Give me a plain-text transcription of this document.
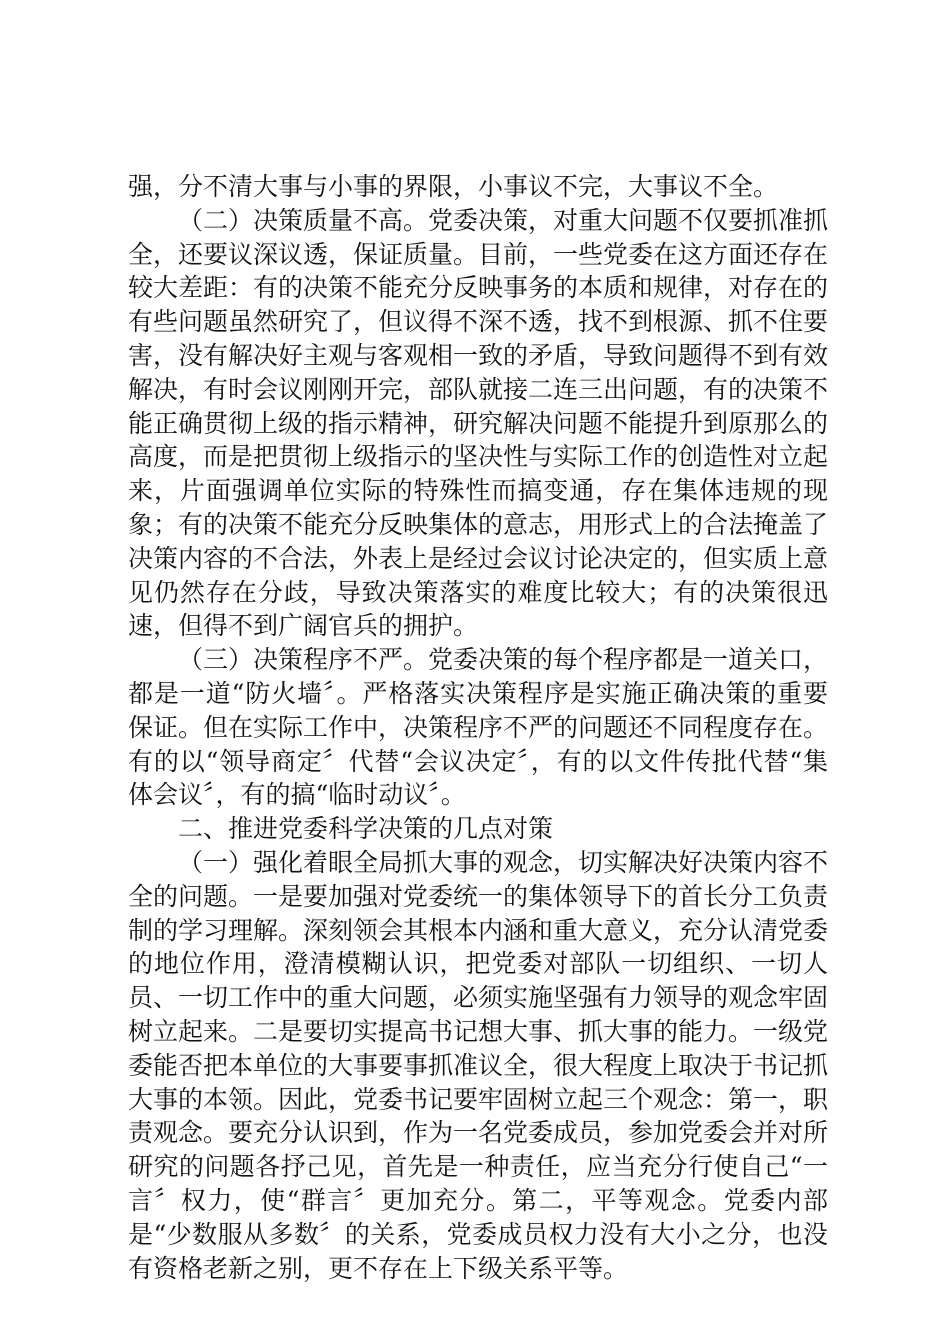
强，分不清大事与小事的界限，小事议不完，大事议不全。

（二）决策质量不高。党委决策，对重大问题不仅要抓准抓全，还要议深议透，保证质量。目前，一些党委在这方面还存在较大差距：有的决策不能充分反映事务的本质和规律，对存在的有些问题虽然研究了，但议得不深不透，找不到根源、抓不住要害，没有解决好主观与客观相一致的矛盾，导致问题得不到有效解决，有时会议刚刚开完，部队就接二连三出问题，有的决策不能正确贯彻上级的指示精神，研究解决问题不能提升到原那么的高度，而是把贯彻上级指示的坚决性与实际工作的创造性对立起来，片面强调单位实际的特殊性而搞变通，存在集体违规的现象；有的决策不能充分反映集体的意志，用形式上的合法掩盖了决策内容的不合法，外表上是经过会议讨论决定的，但实质上意见仍然存在分歧，导致决策落实的难度比较大；有的决策很迅速，但得不到广阔官兵的拥护。

（三）决策程序不严。党委决策的每个程序都是一道关口，都是一道“防火墙〞。严格落实决策程序是实施正确决策的重要保证。但在实际工作中，决策程序不严的问题还不同程度存在。有的以“领导商定〞代替“会议决定〞，有的以文件传批代替“集体会议〞，有的搞“临时动议〞。

二、推进党委科学决策的几点对策

（一）强化着眼全局抓大事的观念，切实解决好决策内容不全的问题。一是要加强对党委统一的集体领导下的首长分工负责制的学习理解。深刻领会其根本内涵和重大意义，充分认清党委的地位作用，澄清模糊认识，把党委对部队一切组织、一切人员、一切工作中的重大问题，必须实施坚强有力领导的观念牢固树立起来。二是要切实提高书记想大事、抓大事的能力。一级党委能否把本单位的大事要事抓准议全，很大程度上取决于书记抓大事的本领。因此，党委书记要牢固树立起三个观念：第一，职责观念。要充分认识到，作为一名党委成员，参加党委会并对所研究的问题各抒己见，首先是一种责任，应当充分行使自己“一言〞权力，使“群言〞更加充分。第二，平等观念。党委内部是“少数服从多数〞的关系，党委成员权力没有大小之分，也没有资格老新之别，更不存在上下级关系平等。
